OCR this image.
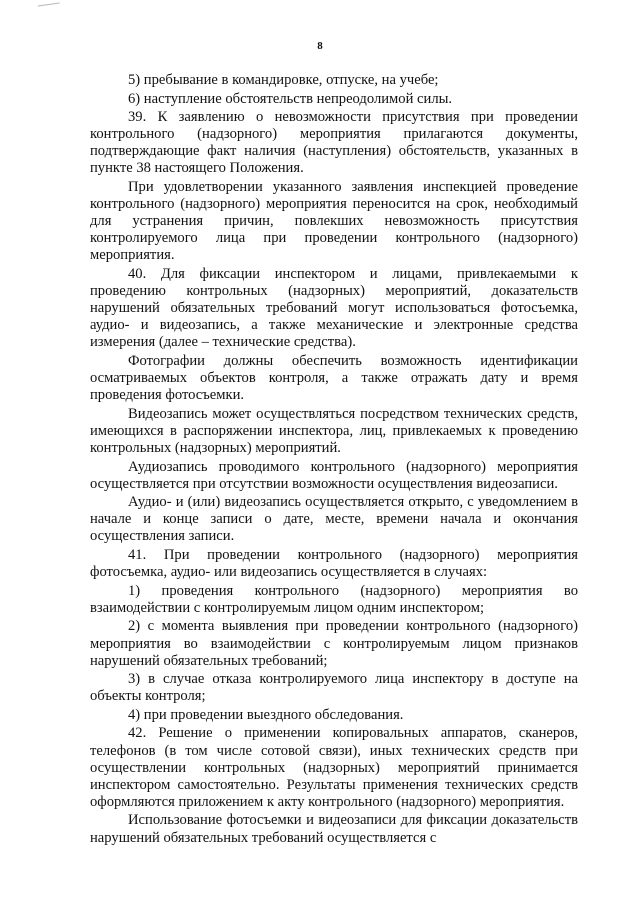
8

5) пребывание в командировке, отпуске, на учебе;

6) наступление обстоятельств непреодолимой силы.

39. К заявлению о невозможности присутствия при проведении контрольного (надзорного) мероприятия прилагаются документы, подтверждающие факт наличия (наступления) обстоятельств, указанных в пункте 38 настоящего Положения.

При удовлетворении указанного заявления инспекцией проведение контрольного (надзорного) мероприятия переносится на срок, необходимый для устранения причин, повлекших невозможность присутствия контролируемого лица при проведении контрольного (надзорного) мероприятия.

40. Для фиксации инспектором и лицами, привлекаемыми к проведению контрольных (надзорных) мероприятий, доказательств нарушений обязательных требований могут использоваться фотосъемка, аудио- и видеозапись, а также механические и электронные средства измерения (далее – технические средства).

Фотографии должны обеспечить возможность идентификации осматриваемых объектов контроля, а также отражать дату и время проведения фотосъемки.

Видеозапись может осуществляться посредством технических средств, имеющихся в распоряжении инспектора, лиц, привлекаемых к проведению контрольных (надзорных) мероприятий.

Аудиозапись проводимого контрольного (надзорного) мероприятия осуществляется при отсутствии возможности осуществления видеозаписи.

Аудио- и (или) видеозапись осуществляется открыто, с уведомлением в начале и конце записи о дате, месте, времени начала и окончания осуществления записи.

41. При проведении контрольного (надзорного) мероприятия фотосъемка, аудио- или видеозапись осуществляется в случаях:

1) проведения контрольного (надзорного) мероприятия во взаимодействии с контролируемым лицом одним инспектором;

2) с момента выявления при проведении контрольного (надзорного) мероприятия во взаимодействии с контролируемым лицом признаков нарушений обязательных требований;

3) в случае отказа контролируемого лица инспектору в доступе на объекты контроля;

4) при проведении выездного обследования.

42. Решение о применении копировальных аппаратов, сканеров, телефонов (в том числе сотовой связи), иных технических средств при осуществлении контрольных (надзорных) мероприятий принимается инспектором самостоятельно. Результаты применения технических средств оформляются приложением к акту контрольного (надзорного) мероприятия.

Использование фотосъемки и видеозаписи для фиксации доказательств нарушений обязательных требований осуществляется с
